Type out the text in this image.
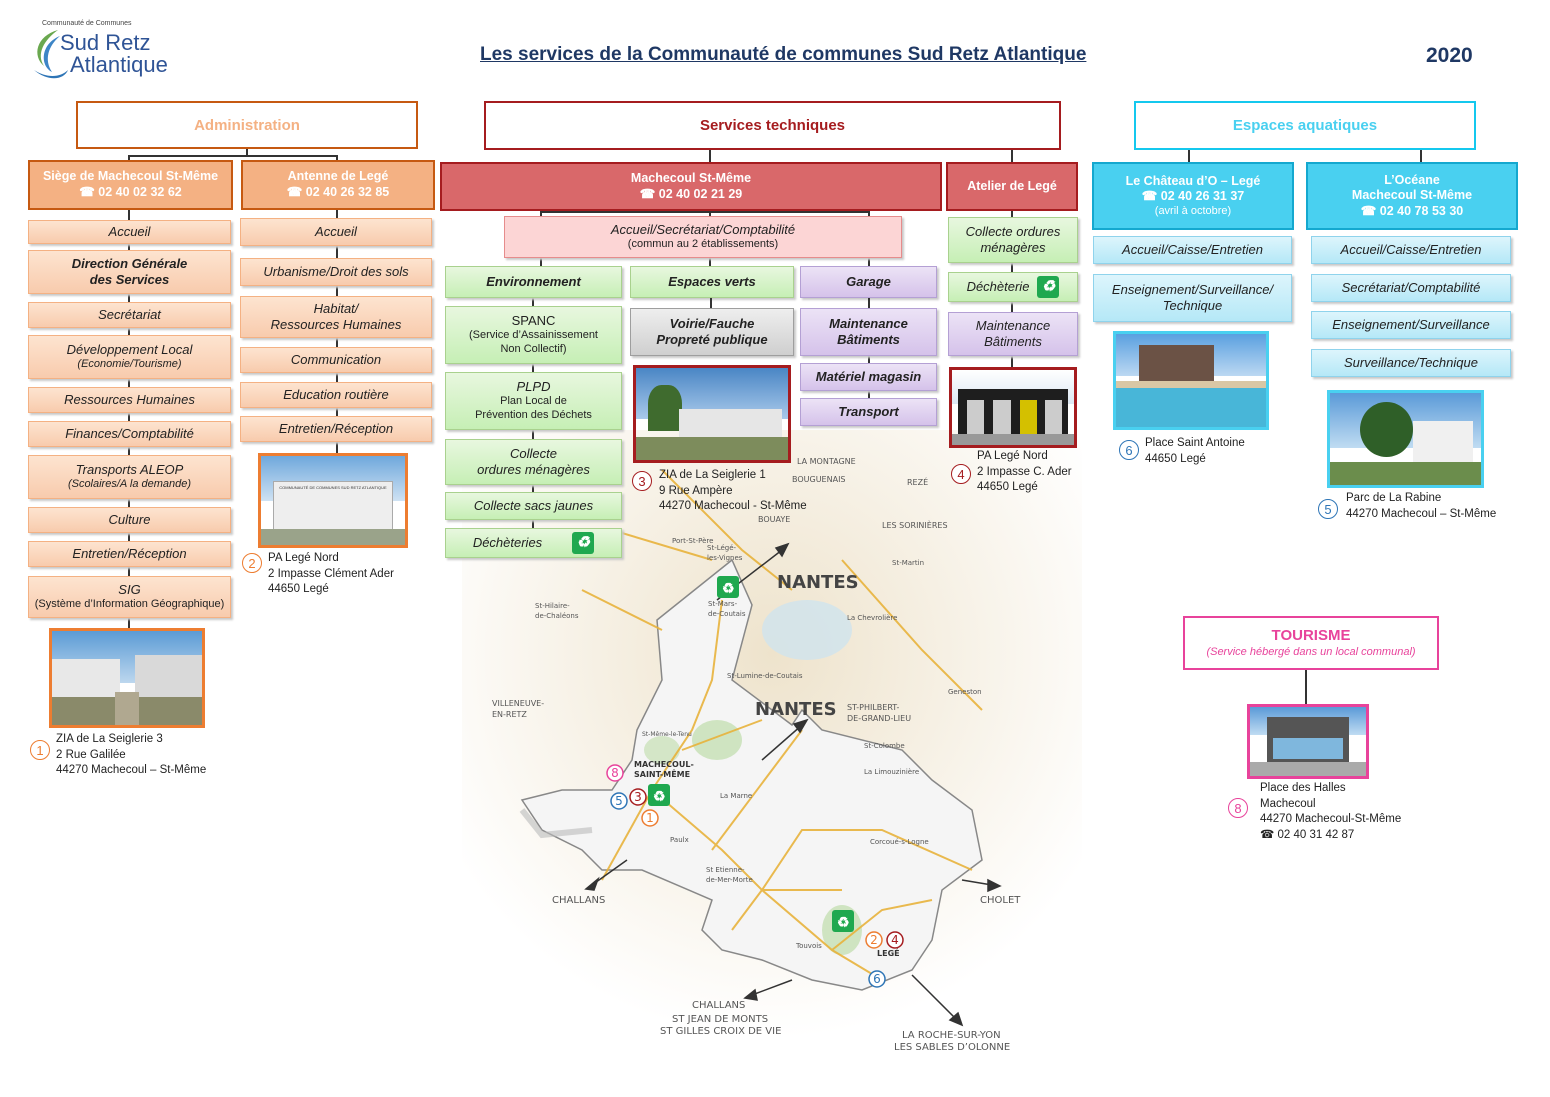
Communauté de Communes
Sud Retz
Atlantique	Les services de la Communauté de communes Sud Retz Atlantique	2020
NANTES
NANTES
CHALLANS
CHALLANS
ST JEAN DE MONTS
ST GILLES CROIX DE VIE
CHOLET
LA ROCHE-SUR-YON
LES SABLES D’OLONNE
LA MONTAGNE
BOUGUENAIS	REZÉ
BOUAYE
LES SORINIÈRES
VILLENEUVE-
EN-RETZ
ST-PHILBERT-
DE-GRAND-LIEU
MACHECOUL-
SAINT-MÊME
LEGÉ
St-Mars-
de-Coutais
La Marne
Paulx
St Etienne-
de-Mer-Morte
Corcoué-s-Logne
Touvois
St-Lumine-de-Coutais
La Chevrolière
St-Colombe
La Limouzinière
St-Hilaire-
de-Chaléons
Port-St-Père
St-Légé-
les-Vignes
St-Martin
St-Même-le-Tenu
Geneston
♻
♻
♻
8
3
5
1
2 4
6
Administration
Siège de Machecoul St-Même
☎ 02 40 02 32 62
Antenne de Legé
☎ 02 40 26 32 85
Accueil
Direction Générale
des Services
Secrétariat
Développement Local
(Economie/Tourisme)
Ressources Humaines
Finances/Comptabilité
Transports ALEOP
(Scolaires/A la demande)
Culture
Entretien/Réception
SIG
(Système d’Information Géographique)
Accueil
Urbanisme/Droit des sols
Habitat/
Ressources Humaines
Communication
Education routière
Entretien/Réception
COMMUNAUTÉ DE COMMUNES SUD RETZ ATLANTIQUE
1
ZIA de La Seiglerie 3
2 Rue Galilée
44270 Machecoul – St-Même
2	PA Legé Nord
2 Impasse Clément Ader
44650 Legé
Services techniques
Machecoul St-Même
☎ 02 40 02 21 29
Atelier de Legé
Accueil/Secrétariat/Comptabilité
(commun au 2 établissements)
Environnement
SPANC
(Service d’Assainissement
Non Collectif)
PLPD
Plan Local de
Prévention des Déchets
Collecte
ordures ménagères
Collecte sacs jaunes
Déchèteries ♻
Espaces verts
Voirie/Fauche
Propreté publique
Garage
Maintenance Bâtiments
Matériel magasin
Transport
Collecte ordures
ménagères
Déchèterie ♻
Maintenance
Bâtiments
3	ZIA de La Seiglerie 1
9 Rue Ampère
44270 Machecoul - St-Même
4
PA Legé Nord
2 Impasse C. Ader
44650 Legé
Espaces aquatiques
Le Château d’O – Legé
☎ 02 40 26 31 37
(avril à octobre)
L’Océane
Machecoul St-Même
☎ 02 40 78 53 30
Accueil/Caisse/Entretien
Enseignement/Surveillance/
Technique
Accueil/Caisse/Entretien
Secrétariat/Comptabilité
Enseignement/Surveillance
Surveillance/Technique
6	Place Saint Antoine
44650 Legé
5
Parc de La Rabine
44270 Machecoul – St-Même
TOURISME
(Service hébergé dans un local communal)
8
Place des Halles
Machecoul
44270 Machecoul-St-Même
☎ 02 40 31 42 87
